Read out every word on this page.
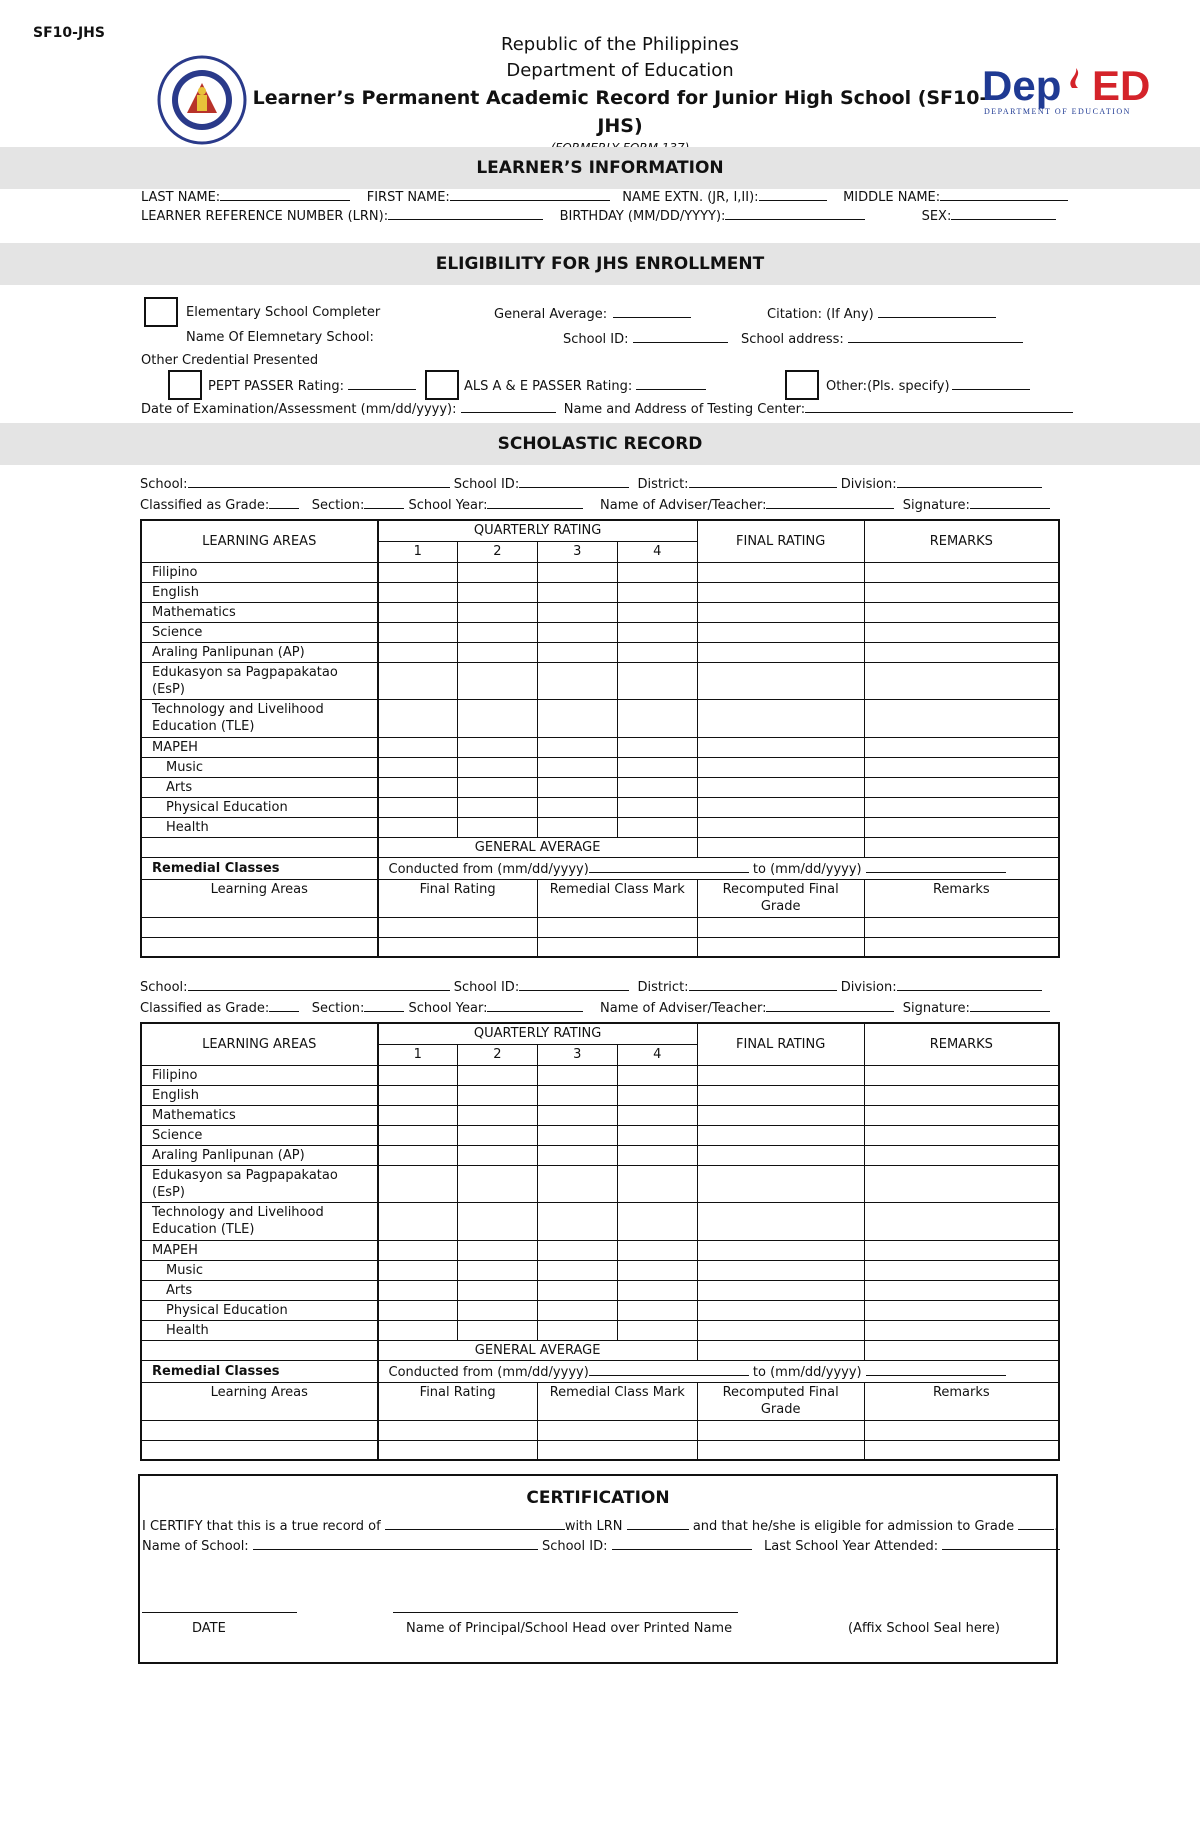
SF10-JHS
Republic of the Philippines
Department of Education
Learner’s Permanent Academic Record for Junior High School (SF10-JHS)
Dep ED
DEPARTMENT OF EDUCATION
LEARNER’S INFORMATION
LAST NAME:	FIRST NAME:	NAME EXTN. (JR, I,II):	MIDDLE NAME:
LEARNER REFERENCE NUMBER (LRN):	BIRTHDAY (MM/DD/YYYY):	SEX:
ELIGIBILITY FOR JHS ENROLLMENT
Elementary School Completer	General Average:	Citation: (If Any)
Name Of Elemnetary School:	School ID:	School address:
Other Credential Presented
PEPT PASSER Rating:	ALS A & E PASSER Rating:	Other:(Pls. specify)
Date of Examination/Assessment (mm/dd/yyyy):	Name and Address of Testing Center:
SCHOLASTIC RECORD
School:	School ID:	District:	Division:
Classified as Grade:	Section:	School Year:	Name of Adviser/Teacher:	Signature:
LEARNING AREAS	QUARTERLY RATING				FINAL RATING	REMARKS
	1	2	3	4		
Filipino						
English						
Mathematics						
Science						
Araling Panlipunan (AP)						
Edukasyon sa Pagpapakatao (EsP)						
Technology and Livelihood Education (TLE)						
MAPEH						
Music						
Arts						
Physical Education						
Health						
	GENERAL AVERAGE					
Remedial Classes	Conducted from (mm/dd/yyyy) to (mm/dd/yyyy)					
Learning Areas	Final Rating		Remedial Class Mark		Recomputed Final Grade	Remarks

School:	School ID:	District:	Division:
Classified as Grade:	Section:	School Year:	Name of Adviser/Teacher:	Signature:
LEARNING AREAS	QUARTERLY RATING				FINAL RATING	REMARKS
	1	2	3	4		
Filipino						
English						
Mathematics						
Science						
Araling Panlipunan (AP)						
Edukasyon sa Pagpapakatao (EsP)						
Technology and Livelihood Education (TLE)						
MAPEH						
Music						
Arts						
Physical Education						
Health						
	GENERAL AVERAGE					
Remedial Classes	Conducted from (mm/dd/yyyy) to (mm/dd/yyyy)					
Learning Areas	Final Rating		Remedial Class Mark		Recomputed Final Grade	Remarks

CERTIFICATION
I CERTIFY that this is a true record of	with LRN	and that he/she is eligible for admission to Grade	.
Name of School:	School ID:	Last School Year Attended:
DATE	Name of Principal/School Head over Printed Name	(Affix School Seal here)
